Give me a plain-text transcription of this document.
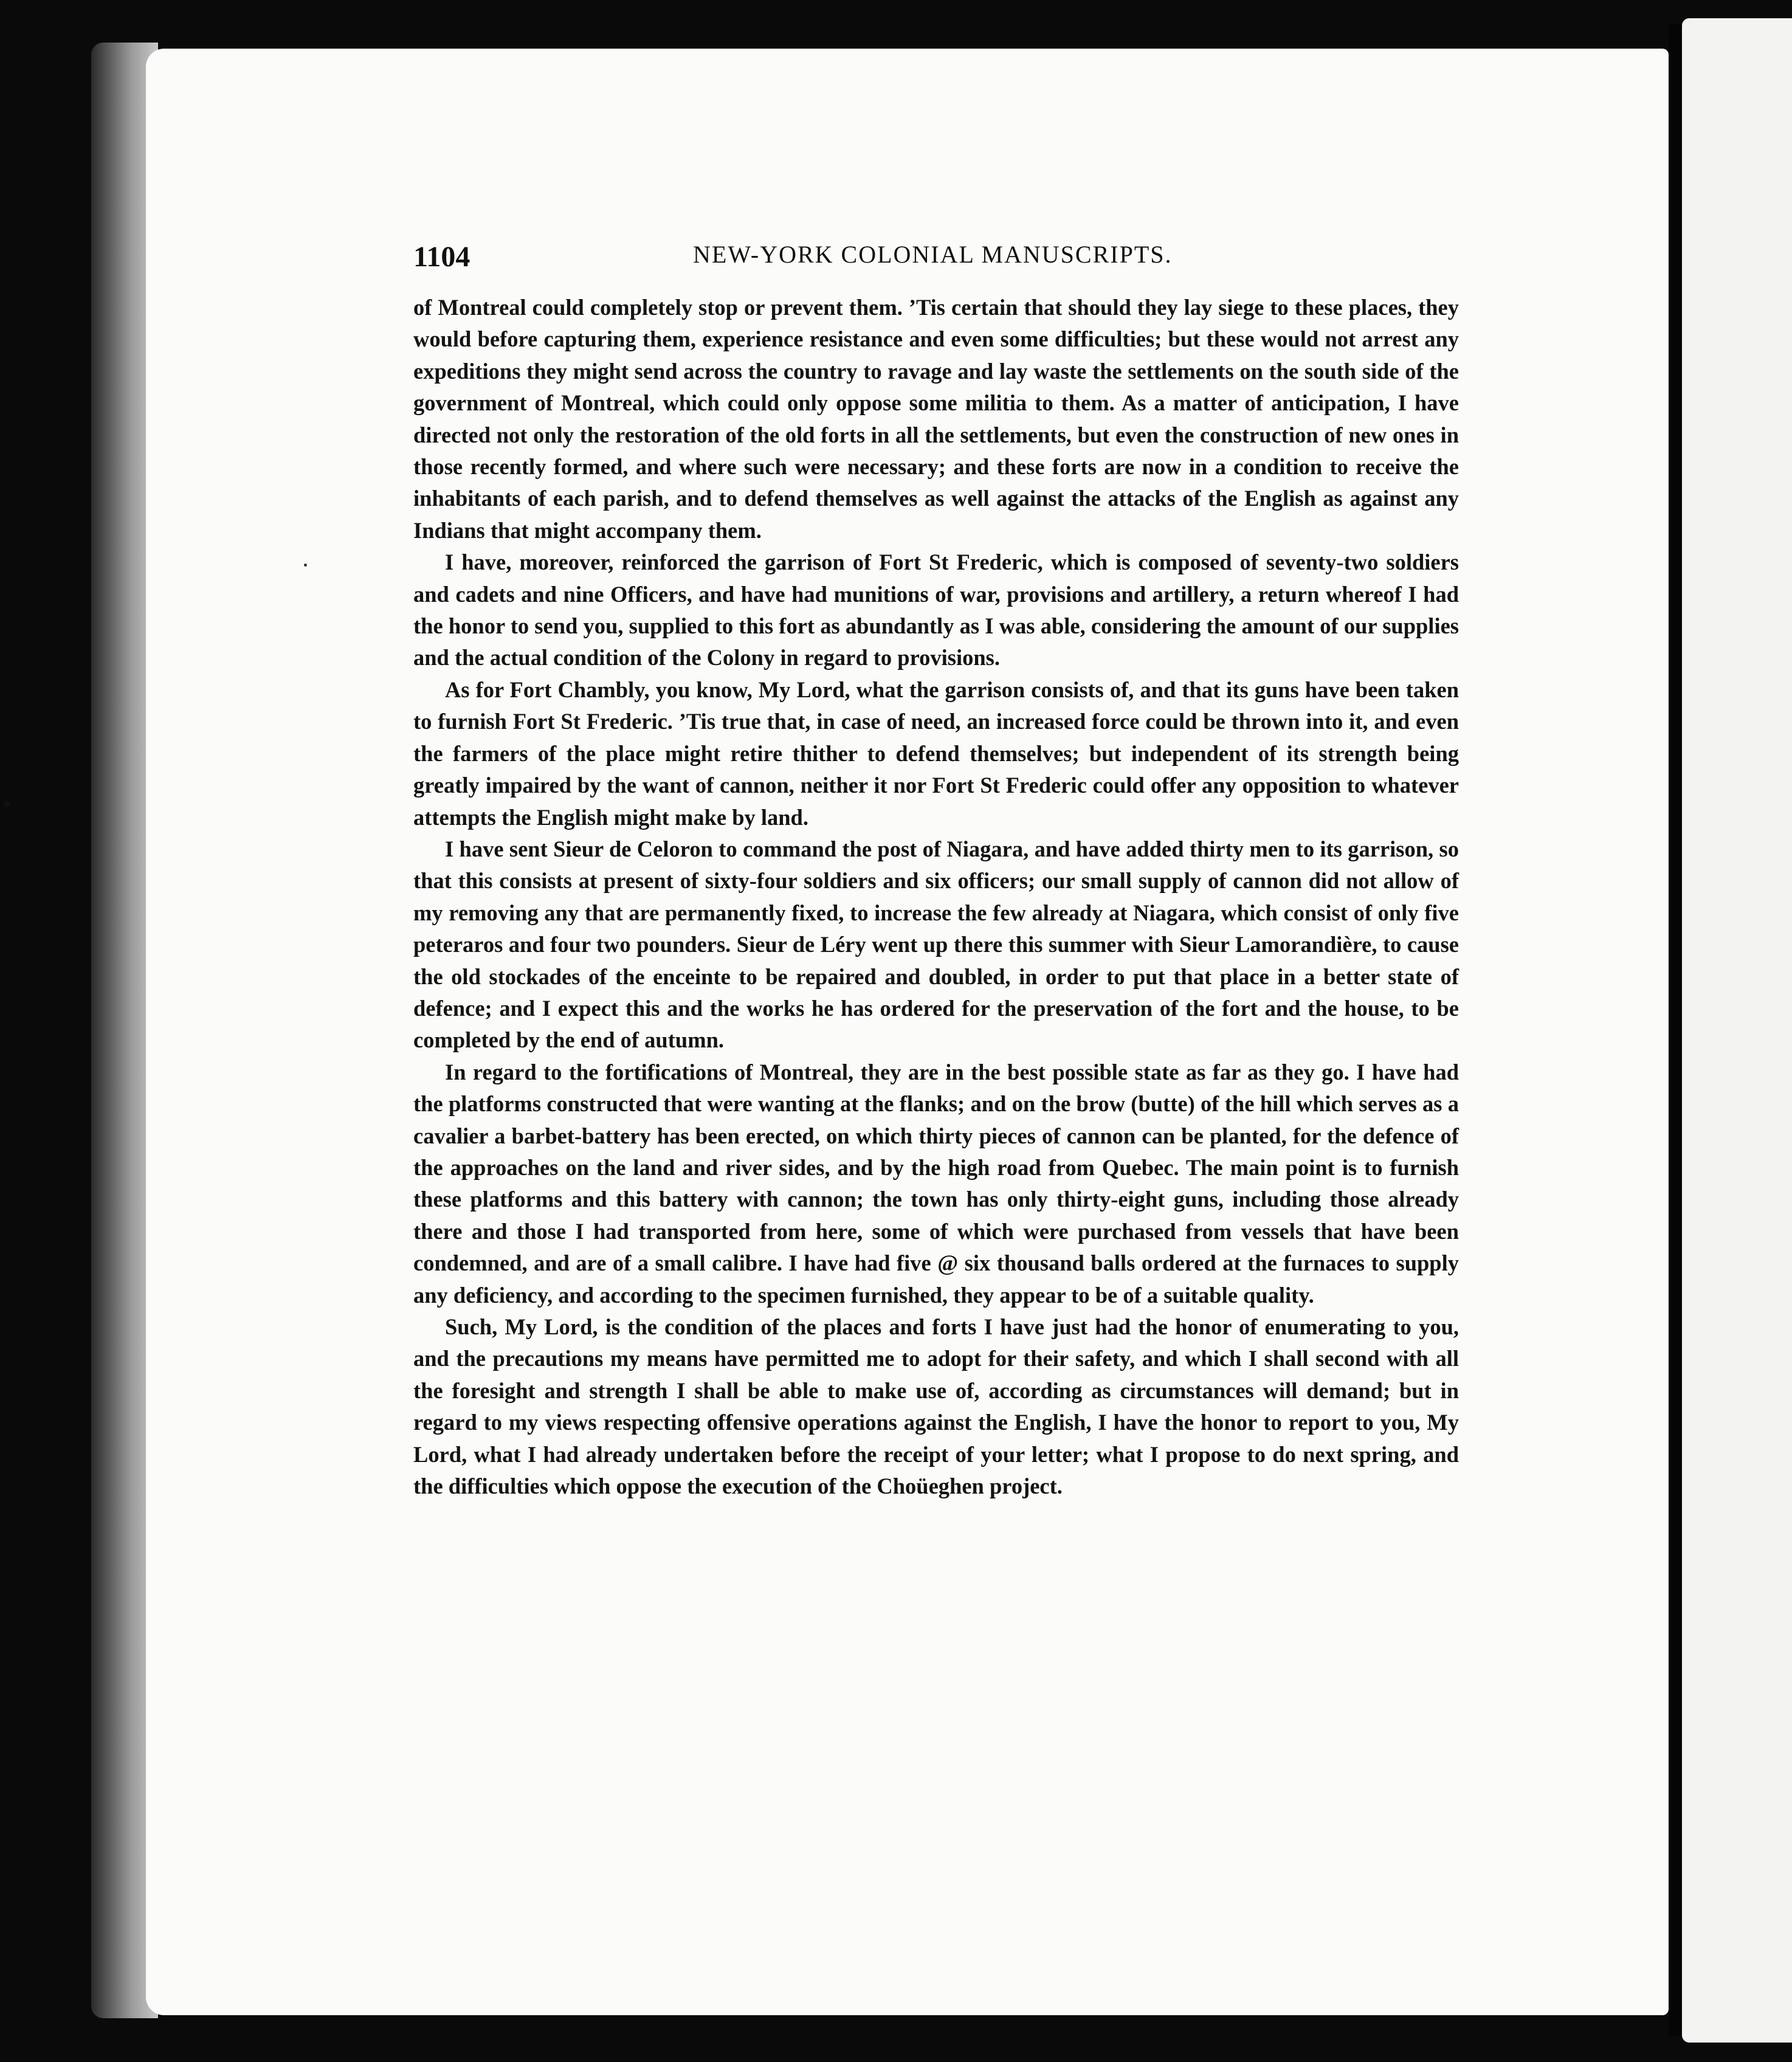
1104	NEW-YORK COLONIAL MANUSCRIPTS.

of Montreal could completely stop or prevent them. ’Tis certain that should they lay siege to these places, they would before capturing them, experience resistance and even some difficulties; but these would not arrest any expeditions they might send across the country to ravage and lay waste the settlements on the south side of the government of Montreal, which could only oppose some militia to them. As a matter of anticipation, I have directed not only the restoration of the old forts in all the settlements, but even the construction of new ones in those recently formed, and where such were necessary; and these forts are now in a condition to receive the inhabitants of each parish, and to defend themselves as well against the attacks of the English as against any Indians that might accompany them.

I have, moreover, reinforced the garrison of Fort St Frederic, which is composed of seventy-two soldiers and cadets and nine Officers, and have had munitions of war, provisions and artillery, a return whereof I had the honor to send you, supplied to this fort as abundantly as I was able, considering the amount of our supplies and the actual condition of the Colony in regard to provisions.

As for Fort Chambly, you know, My Lord, what the garrison consists of, and that its guns have been taken to furnish Fort St Frederic. ’Tis true that, in case of need, an increased force could be thrown into it, and even the farmers of the place might retire thither to defend themselves; but independent of its strength being greatly impaired by the want of cannon, neither it nor Fort St Frederic could offer any opposition to whatever attempts the English might make by land.

I have sent Sieur de Celoron to command the post of Niagara, and have added thirty men to its garrison, so that this consists at present of sixty-four soldiers and six officers; our small supply of cannon did not allow of my removing any that are permanently fixed, to increase the few already at Niagara, which consist of only five peteraros and four two pounders. Sieur de Léry went up there this summer with Sieur Lamorandière, to cause the old stockades of the enceinte to be repaired and doubled, in order to put that place in a better state of defence; and I expect this and the works he has ordered for the preservation of the fort and the house, to be completed by the end of autumn.

In regard to the fortifications of Montreal, they are in the best possible state as far as they go. I have had the platforms constructed that were wanting at the flanks; and on the brow (butte) of the hill which serves as a cavalier a barbet-battery has been erected, on which thirty pieces of cannon can be planted, for the defence of the approaches on the land and river sides, and by the high road from Quebec. The main point is to furnish these platforms and this battery with cannon; the town has only thirty-eight guns, including those already there and those I had transported from here, some of which were purchased from vessels that have been condemned, and are of a small calibre. I have had five @ six thousand balls ordered at the furnaces to supply any deficiency, and according to the specimen furnished, they appear to be of a suitable quality.

Such, My Lord, is the condition of the places and forts I have just had the honor of enumerating to you, and the precautions my means have permitted me to adopt for their safety, and which I shall second with all the foresight and strength I shall be able to make use of, according as circumstances will demand; but in regard to my views respecting offensive operations against the English, I have the honor to report to you, My Lord, what I had already undertaken before the receipt of your letter; what I propose to do next spring, and the difficulties which oppose the execution of the Choüeghen project.
